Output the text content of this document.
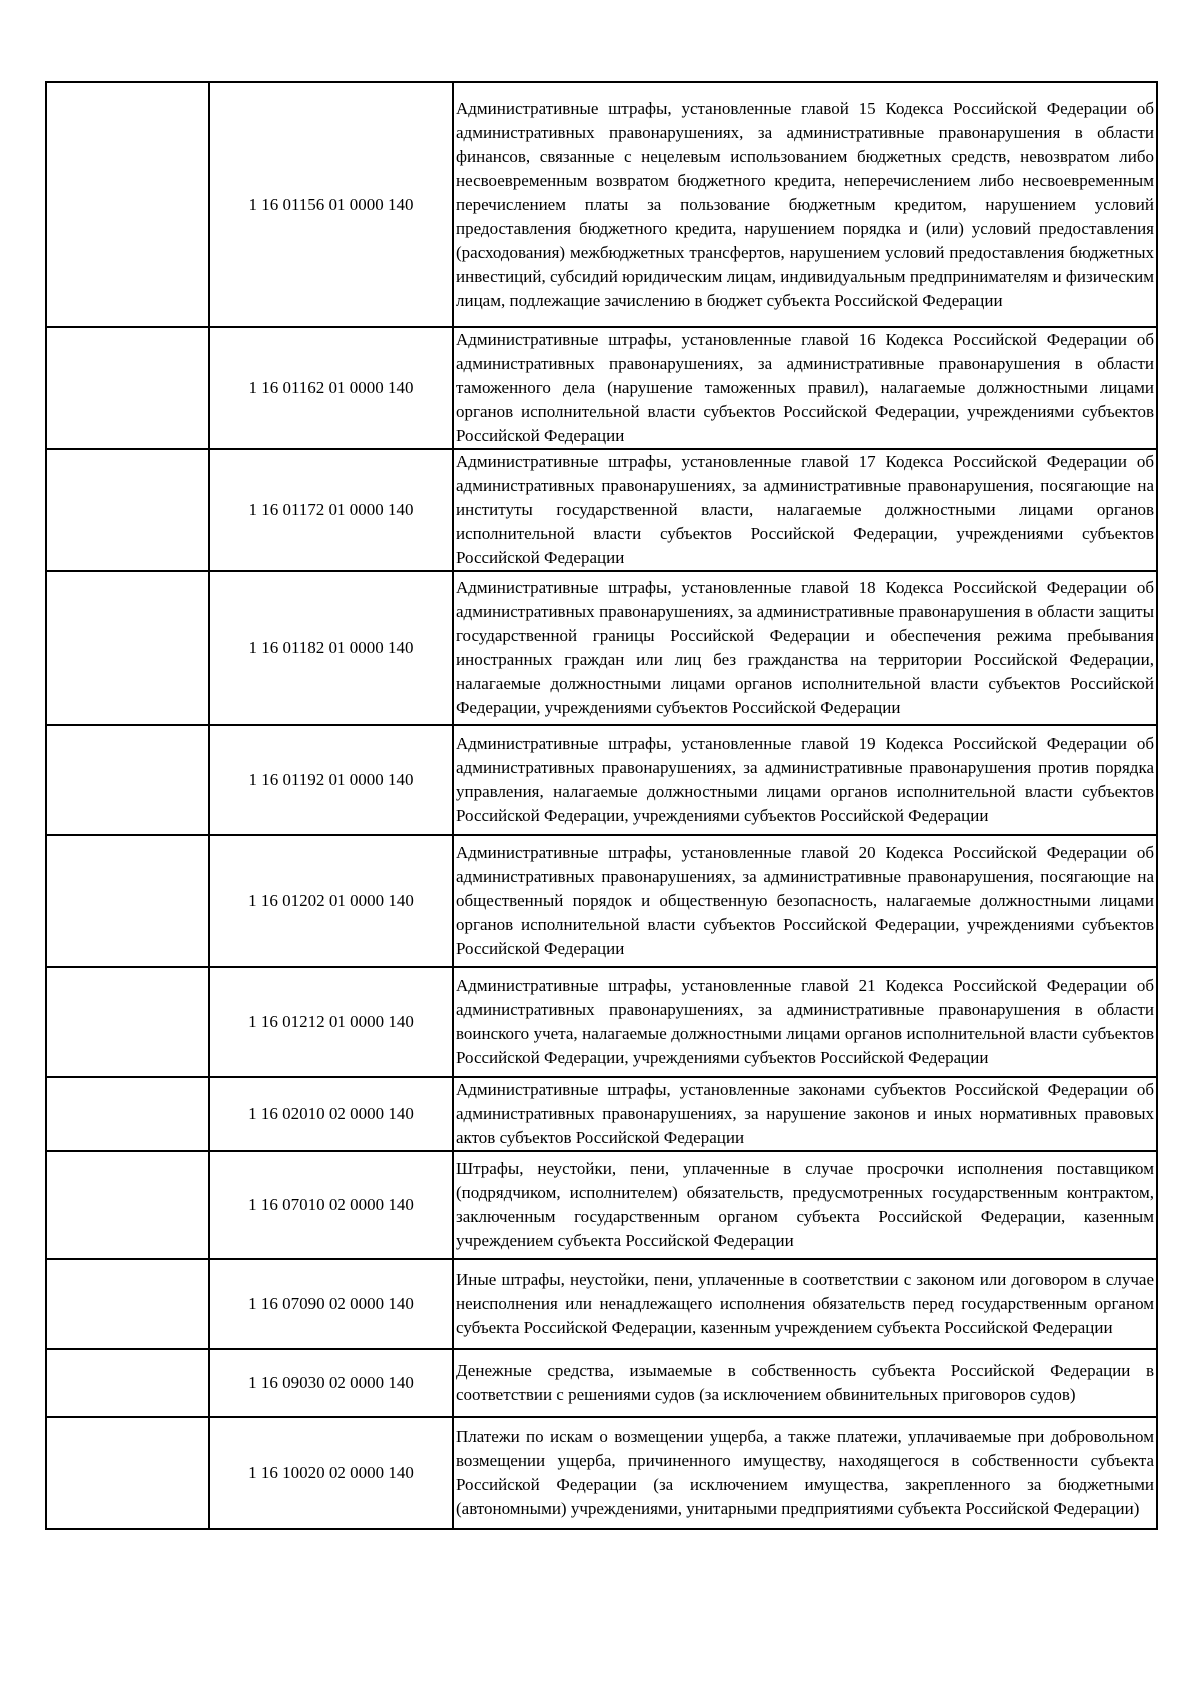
	1 16 01156 01 0000 140	Административные штрафы, установленные главой 15 Кодекса Российской Федерации об административных правонарушениях, за административные правонарушения в области финансов, связанные с нецелевым использованием бюджетных средств, невозвратом либо несвоевременным возвратом бюджетного кредита, неперечислением либо несвоевременным перечислением платы за пользование бюджетным кредитом, нарушением условий предоставления бюджетного кредита, нарушением порядка и (или) условий предоставления (расходования) межбюджетных трансфертов, нарушением условий предоставления бюджетных инвестиций, субсидий юридическим лицам, индивидуальным предпринимателям и физическим лицам, подлежащие зачислению в бюджет субъекта Российской Федерации
	1 16 01162 01 0000 140	Административные штрафы, установленные главой 16 Кодекса Российской Федерации об административных правонарушениях, за административные правонарушения в области таможенного дела (нарушение таможенных правил), налагаемые должностными лицами органов исполнительной власти субъектов Российской Федерации, учреждениями субъектов Российской Федерации
	1 16 01172 01 0000 140	Административные штрафы, установленные главой 17 Кодекса Российской Федерации об административных правонарушениях, за административные правонарушения, посягающие на институты государственной власти, налагаемые должностными лицами органов исполнительной власти субъектов Российской Федерации, учреждениями субъектов Российской Федерации
	1 16 01182 01 0000 140	Административные штрафы, установленные главой 18 Кодекса Российской Федерации об административных правонарушениях, за административные правонарушения в области защиты государственной границы Российской Федерации и обеспечения режима пребывания иностранных граждан или лиц без гражданства на территории Российской Федерации, налагаемые должностными лицами органов исполнительной власти субъектов Российской Федерации, учреждениями субъектов Российской Федерации
	1 16 01192 01 0000 140	Административные штрафы, установленные главой 19 Кодекса Российской Федерации об административных правонарушениях, за административные правонарушения против порядка управления, налагаемые должностными лицами органов исполнительной власти субъектов Российской Федерации, учреждениями субъектов Российской Федерации
	1 16 01202 01 0000 140	Административные штрафы, установленные главой 20 Кодекса Российской Федерации об административных правонарушениях, за административные правонарушения, посягающие на общественный порядок и общественную безопасность, налагаемые должностными лицами органов исполнительной власти субъектов Российской Федерации, учреждениями субъектов Российской Федерации
	1 16 01212 01 0000 140	Административные штрафы, установленные главой 21 Кодекса Российской Федерации об административных правонарушениях, за административные правонарушения в области воинского учета, налагаемые должностными лицами органов исполнительной власти субъектов Российской Федерации, учреждениями субъектов Российской Федерации
	1 16 02010 02 0000 140	Административные штрафы, установленные законами субъектов Российской Федерации об административных правонарушениях, за нарушение законов и иных нормативных правовых актов субъектов Российской Федерации
	1 16 07010 02 0000 140	Штрафы, неустойки, пени, уплаченные в случае просрочки исполнения поставщиком (подрядчиком, исполнителем) обязательств, предусмотренных государственным контрактом, заключенным государственным органом субъекта Российской Федерации, казенным учреждением субъекта Российской Федерации
	1 16 07090 02 0000 140	Иные штрафы, неустойки, пени, уплаченные в соответствии с законом или договором в случае неисполнения или ненадлежащего исполнения обязательств перед государственным органом субъекта Российской Федерации, казенным учреждением субъекта Российской Федерации
	1 16 09030 02 0000 140	Денежные средства, изымаемые в собственность субъекта Российской Федерации в соответствии с решениями судов (за исключением обвинительных приговоров судов)
	1 16 10020 02 0000 140	Платежи по искам о возмещении ущерба, а также платежи, уплачиваемые при добровольном возмещении ущерба, причиненного имуществу, находящегося в собственности субъекта Российской Федерации (за исключением имущества, закрепленного за бюджетными (автономными) учреждениями, унитарными предприятиями субъекта Российской Федерации)
